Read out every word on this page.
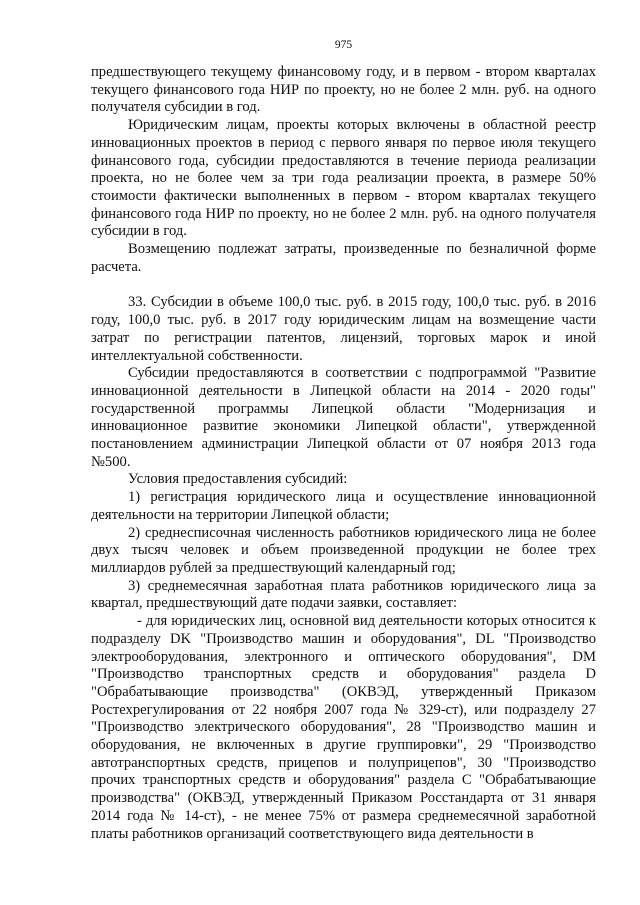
975

предшествующего текущему финансовому году, и в первом - втором кварталах текущего финансового года НИР по проекту, но не более 2 млн. руб. на одного получателя субсидии в год.

Юридическим лицам, проекты которых включены в областной реестр инновационных проектов в период с первого января по первое июля текущего финансового года, субсидии предоставляются в течение периода реализации проекта, но не более чем за три года реализации проекта, в размере 50% стоимости фактически выполненных в первом - втором кварталах текущего финансового года НИР по проекту, но не более 2 млн. руб. на одного получателя субсидии в год.

Возмещению подлежат затраты, произведенные по безналичной форме расчета.

33. Субсидии в объеме 100,0 тыс. руб. в 2015 году, 100,0 тыс. руб. в 2016 году, 100,0 тыс. руб. в 2017 году юридическим лицам на возмещение части затрат по регистрации патентов, лицензий, торговых марок и иной интеллектуальной собственности.

Субсидии предоставляются в соответствии с подпрограммой "Развитие инновационной деятельности в Липецкой области на 2014 - 2020 годы" государственной программы Липецкой области "Модернизация и инновационное развитие экономики Липецкой области", утвержденной постановлением администрации Липецкой области от 07 ноября 2013 года №500.

Условия предоставления субсидий:

1) регистрация юридического лица и осуществление инновационной деятельности на территории Липецкой области;

2) среднесписочная численность работников юридического лица не более двух тысяч человек и объем произведенной продукции не более трех миллиардов рублей за предшествующий календарный год;

3) среднемесячная заработная плата работников юридического лица за квартал, предшествующий дате подачи заявки, составляет:

- для юридических лиц, основной вид деятельности которых относится к подразделу DK "Производство машин и оборудования", DL "Производство электрооборудования, электронного и оптического оборудования", DM "Производство транспортных средств и оборудования" раздела D "Обрабатывающие производства" (ОКВЭД, утвержденный Приказом Ростехрегулирования от 22 ноября 2007 года № 329-ст), или подразделу 27 "Производство электрического оборудования", 28 "Производство машин и оборудования, не включенных в другие группировки", 29 "Производство автотранспортных средств, прицепов и полуприцепов", 30 "Производство прочих транспортных средств и оборудования" раздела C "Обрабатывающие производства" (ОКВЭД, утвержденный Приказом Росстандарта от 31 января 2014 года № 14-ст), - не менее 75% от размера среднемесячной заработной платы работников организаций соответствующего вида деятельности в
